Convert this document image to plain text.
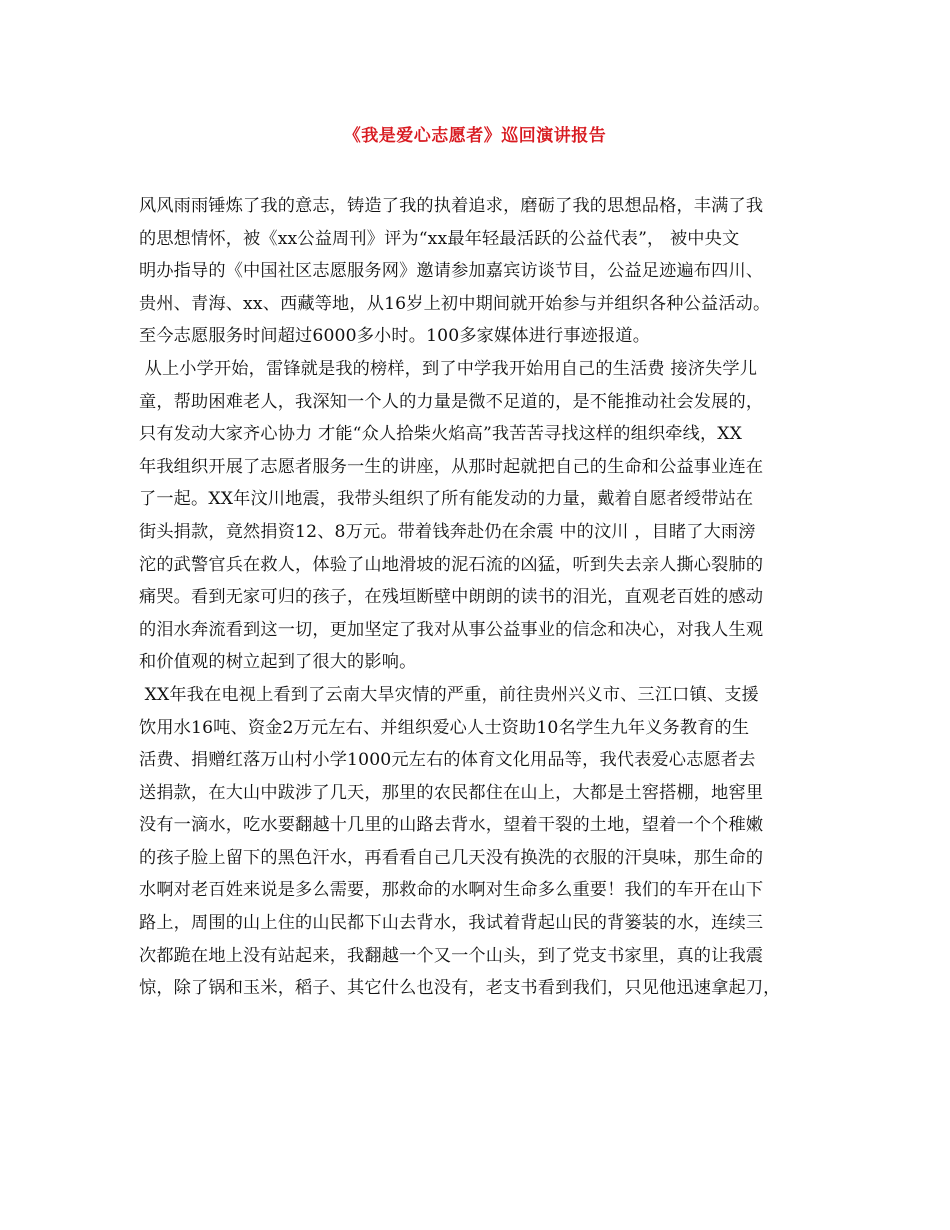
《我是爱心志愿者》巡回演讲报告
风风雨雨锤炼了我的意志，铸造了我的执着追求，磨砺了我的思想品格，丰满了我
的思想情怀，被《xx公益周刊》评为“xx最年轻最活跃的公益代表”， 被中央文
明办指导的《中国社区志愿服务网》邀请参加嘉宾访谈节目，公益足迹遍布四川、
贵州、青海、xx、西藏等地，从16岁上初中期间就开始参与并组织各种公益活动。
至今志愿服务时间超过6000多小时。100多家媒体进行事迹报道。
从上小学开始，雷锋就是我的榜样，到了中学我开始用自己的生活费 接济失学儿
童，帮助困难老人，我深知一个人的力量是微不足道的，是不能推动社会发展的，
只有发动大家齐心协力 才能“众人拾柴火焰高”我苦苦寻找这样的组织牵线，XX
年我组织开展了志愿者服务一生的讲座，从那时起就把自己的生命和公益事业连在
了一起。XX年汶川地震，我带头组织了所有能发动的力量，戴着自愿者绶带站在
街头捐款，竟然捐资12、8万元。带着钱奔赴仍在余震 中的汶川 ，目睹了大雨滂
沱的武警官兵在救人，体验了山地滑坡的泥石流的凶猛，听到失去亲人撕心裂肺的
痛哭。看到无家可归的孩子，在残垣断壁中朗朗的读书的泪光，直观老百姓的感动
的泪水奔流看到这一切，更加坚定了我对从事公益事业的信念和决心，对我人生观
和价值观的树立起到了很大的影响。
XX年我在电视上看到了云南大旱灾情的严重，前往贵州兴义市、三江口镇、支援
饮用水16吨、资金2万元左右、并组织爱心人士资助10名学生九年义务教育的生
活费、捐赠红落万山村小学1000元左右的体育文化用品等，我代表爱心志愿者去
送捐款，在大山中跋涉了几天，那里的农民都住在山上，大都是土窖搭棚，地窖里
没有一滴水，吃水要翻越十几里的山路去背水，望着干裂的土地，望着一个个稚嫩
的孩子脸上留下的黑色汗水，再看看自己几天没有换洗的衣服的汗臭味，那生命的
水啊对老百姓来说是多么需要，那救命的水啊对生命多么重要！我们的车开在山下
路上，周围的山上住的山民都下山去背水，我试着背起山民的背篓装的水，连续三
次都跪在地上没有站起来，我翻越一个又一个山头，到了党支书家里，真的让我震
惊，除了锅和玉米，稻子、其它什么也没有，老支书看到我们，只见他迅速拿起刀，
